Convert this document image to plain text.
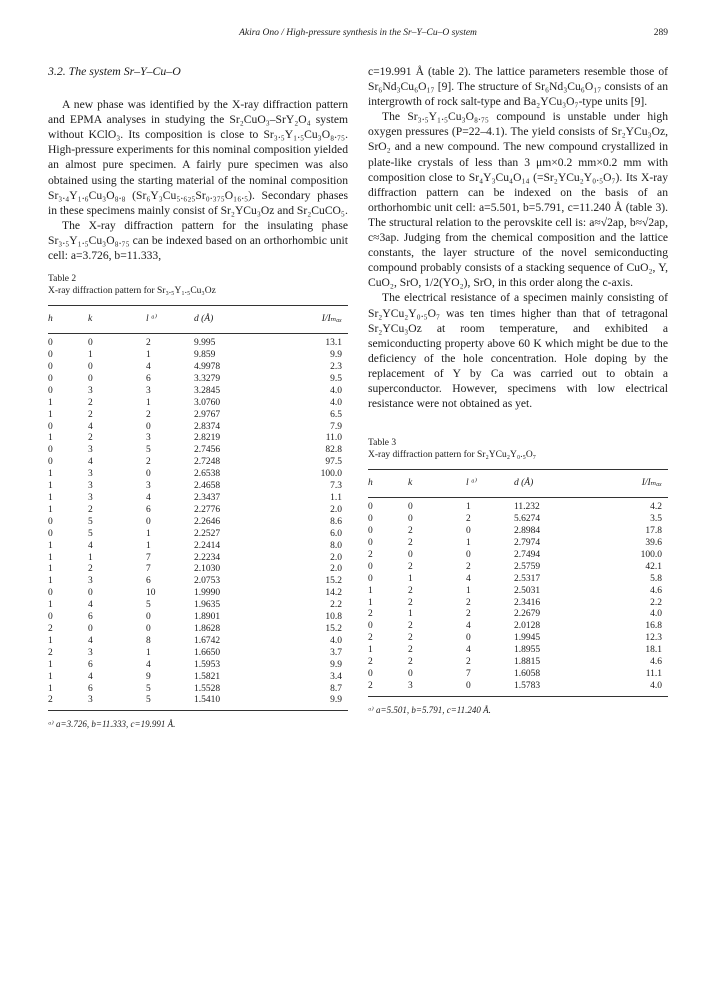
Akira Ono / High-pressure synthesis in the Sr–Y–Cu–O system	289
3.2. The system Sr–Y–Cu–O

A new phase was identified by the X-ray diffraction pattern and EPMA analyses in studying the Sr₂CuO₃–SrY₂O₄ system without KClO₃. Its composition is close to Sr₃.₅Y₁.₅Cu₃O₈.₇₅. High-pressure experiments for this nominal composition yielded an almost pure specimen. A fairly pure specimen was also obtained using the starting material of the nominal composition Sr₃.₄Y₁.₆Cu₃O₈.₈ (Sr₆Y₃Cu₅.₆₂₅Sr₀.₃₇₅O₁₆.₅). Secondary phases in these specimens mainly consist of Sr₂YCu₃Oz and Sr₂CuCO₅.

The X-ray diffraction pattern for the insulating phase Sr₃.₅Y₁.₅Cu₃O₈.₇₅ can be indexed based on an orthorhombic unit cell: a=3.726, b=11.333,

Table 2
X-ray diffraction pattern for Sr₃.₅Y₁.₅Cu₃Oz
h	k	l ᵃ⁾	d (Å)	I/Iₘₐₓ
0	0	2	9.995	13.1
0	1	1	9.859	9.9
0	0	4	4.9978	2.3
0	0	6	3.3279	9.5
0	3	3	3.2845	4.0
1	2	1	3.0760	4.0
1	2	2	2.9767	6.5
0	4	0	2.8374	7.9
1	2	3	2.8219	11.0
0	3	5	2.7456	82.8
0	4	2	2.7248	97.5
1	3	0	2.6538	100.0
1	3	3	2.4658	7.3
1	3	4	2.3437	1.1
1	2	6	2.2776	2.0
0	5	0	2.2646	8.6
0	5	1	2.2527	6.0
1	4	1	2.2414	8.0
1	1	7	2.2234	2.0
1	2	7	2.1030	2.0
1	3	6	2.0753	15.2
0	0	10	1.9990	14.2
1	4	5	1.9635	2.2
0	6	0	1.8901	10.8
2	0	0	1.8628	15.2
1	4	8	1.6742	4.0
2	3	1	1.6650	3.7
1	6	4	1.5953	9.9
1	4	9	1.5821	3.4
1	6	5	1.5528	8.7
2	3	5	1.5410	9.9
ᵃ⁾ a=3.726, b=11.333, c=19.991 Å.

c=19.991 Å (table 2). The lattice parameters resemble those of Sr₆Nd₃Cu₆O₁₇ [9]. The structure of Sr₆Nd₃Cu₆O₁₇ consists of an intergrowth of rock salt-type and Ba₂YCu₃O₇-type units [9].

The Sr₃.₅Y₁.₅Cu₃O₈.₇₅ compound is unstable under high oxygen pressures (P=22–4.1). The yield consists of Sr₂YCu₃Oz, SrO₂ and a new compound. The new compound crystallized in plate-like crystals of less than 3 μm×0.2 mm×0.2 mm with composition close to Sr₄Y₃Cu₄O₁₄ (=Sr₂YCu₂Y₀.₅O₇). Its X-ray diffraction pattern can be indexed on the basis of an orthorhombic unit cell: a=5.501, b=5.791, c=11.240 Å (table 3). The structural relation to the perovskite cell is: a≈√2ap, b≈√2ap, c≈3ap. Judging from the chemical composition and the lattice constants, the layer structure of the novel semiconducting compound probably consists of a stacking sequence of CuO₂, Y, CuO₂, SrO, 1/2(YO₂), SrO, in this order along the c-axis.

The electrical resistance of a specimen mainly consisting of Sr₂YCu₂Y₀.₅O₇ was ten times higher than that of tetragonal Sr₂YCu₃Oz at room temperature, and exhibited a semiconducting property above 60 K which might be due to the deficiency of the hole concentration. Hole doping by the replacement of Y by Ca was carried out to obtain a superconductor. However, specimens with low electrical resistance were not obtained as yet.

Table 3
X-ray diffraction pattern for Sr₂YCu₂Y₀.₅O₇
h	k	l ᵃ⁾	d (Å)	I/Iₘₐₓ
0	0	1	11.232	4.2
0	0	2	5.6274	3.5
0	2	0	2.8984	17.8
0	2	1	2.7974	39.6
2	0	0	2.7494	100.0
0	2	2	2.5759	42.1
0	1	4	2.5317	5.8
1	2	1	2.5031	4.6
1	2	2	2.3416	2.2
2	1	2	2.2679	4.0
0	2	4	2.0128	16.8
2	2	0	1.9945	12.3
1	2	4	1.8955	18.1
2	2	2	1.8815	4.6
0	0	7	1.6058	11.1
2	3	0	1.5783	4.0
ᵃ⁾ a=5.501, b=5.791, c=11.240 Å.
